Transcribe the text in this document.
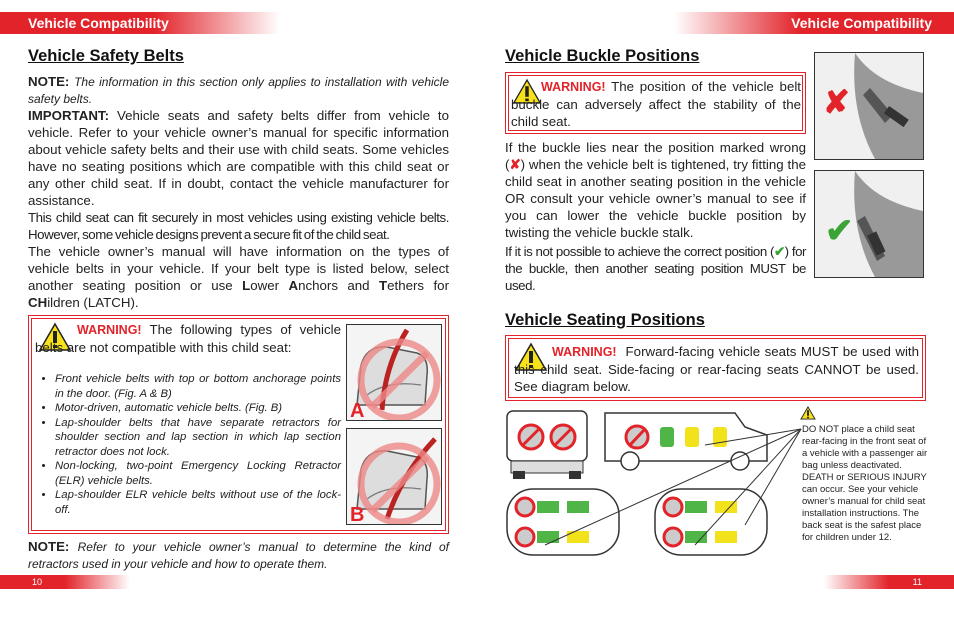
Vehicle Compatibility
Vehicle Safety Belts

NOTE: The information in this section only applies to installation with vehicle safety belts.

IMPORTANT: Vehicle seats and safety belts differ from vehicle to vehicle. Refer to your vehicle owner’s manual for specific information about vehicle safety belts and their use with child seats. Some vehicles have no seating positions which are compatible with this child seat or any other child seat. If in doubt, contact the vehicle manufacturer for assistance.

This child seat can fit securely in most vehicles using existing vehicle belts. However, some vehicle designs prevent a secure fit of the child seat.

The vehicle owner’s manual will have information on the types of vehicle belts in your vehicle. If your belt type is listed below, select another seating position or use Lower Anchors and Tethers for CHildren (LATCH).

WARNING! The following types of vehicle belts are not compatible with this child seat:

• Front vehicle belts with top or bottom anchorage points in the door. (Fig. A & B)
• Motor-driven, automatic vehicle belts. (Fig. B)
• Lap-shoulder belts that have separate retractors for shoulder section and lap section in which lap section retractor does not lock.
• Non-locking, two-point Emergency Locking Retractor (ELR) vehicle belts.
• Lap-shoulder ELR vehicle belts without use of the lock-off.
A
B

NOTE: Refer to your vehicle owner’s manual to determine the kind of retractors used in your vehicle and how to operate them.

10
Vehicle Compatibility
Vehicle Buckle Positions

WARNING! The position of the vehicle belt buckle can adversely affect the stability of the child seat.

✘
✔

If the buckle lies near the position marked wrong (✘) when the vehicle belt is tightened, try fitting the child seat in another seating position in the vehicle OR consult your vehicle owner’s manual to see if you can lower the vehicle buckle position by twisting the vehicle buckle stalk.

If it is not possible to achieve the correct position (✔) for the buckle, then another seating position MUST be used.

Vehicle Seating Positions

WARNING! Forward-facing vehicle seats MUST be used with this child seat. Side-facing or rear-facing seats CANNOT be used. See diagram below.

DO NOT place a child seat rear-facing in the front seat of a vehicle with a passenger air bag unless deactivated. DEATH or SERIOUS INJURY can occur. See your vehicle owner’s manual for child seat installation instructions. The back seat is the safest place for children under 12.
11
